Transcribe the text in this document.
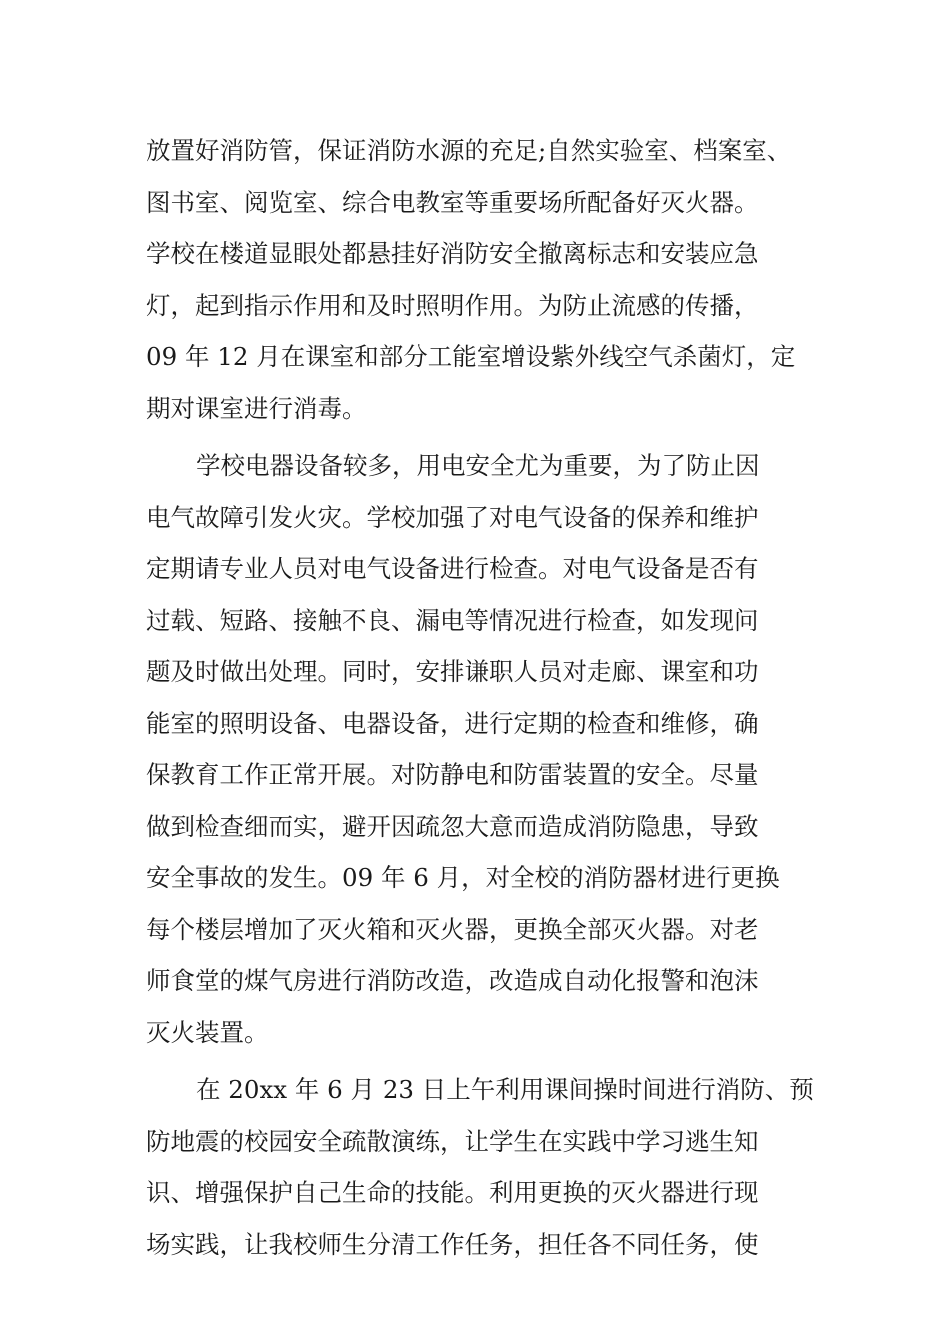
放置好消防管，保证消防水源的充足;自然实验室、档案室、
图书室、阅览室、综合电教室等重要场所配备好灭火器。
学校在楼道显眼处都悬挂好消防安全撤离标志和安装应急
灯，起到指示作用和及时照明作用。为防止流感的传播，
09 年 12 月在课室和部分工能室增设紫外线空气杀菌灯，定
期对课室进行消毒。
学校电器设备较多，用电安全尤为重要，为了防止因
电气故障引发火灾。学校加强了对电气设备的保养和维护
定期请专业人员对电气设备进行检查。对电气设备是否有
过载、短路、接触不良、漏电等情况进行检查，如发现问
题及时做出处理。同时，安排谦职人员对走廊、课室和功
能室的照明设备、电器设备，进行定期的检查和维修，确
保教育工作正常开展。对防静电和防雷装置的安全。尽量
做到检查细而实，避开因疏忽大意而造成消防隐患，导致
安全事故的发生。09 年 6 月，对全校的消防器材进行更换
每个楼层增加了灭火箱和灭火器，更换全部灭火器。对老
师食堂的煤气房进行消防改造，改造成自动化报警和泡沫
灭火装置。
在 20xx 年 6 月 23 日上午利用课间操时间进行消防、预
防地震的校园安全疏散演练，让学生在实践中学习逃生知
识、增强保护自己生命的技能。利用更换的灭火器进行现
场实践，让我校师生分清工作任务，担任各不同任务，使
